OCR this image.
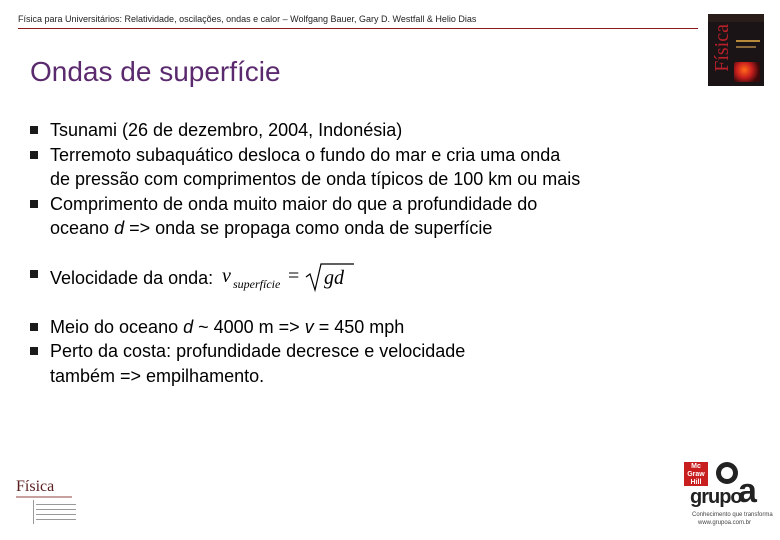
Física para Universitários: Relatividade, oscilações, ondas e calor – Wolfgang Bauer, Gary D. Westfall & Helio Dias
Física
Ondas de superfície
Tsunami (26 de dezembro, 2004, Indonésia)
Terremoto subaquático desloca o fundo do mar e cria uma onda
de pressão com comprimentos de onda típicos de 100 km ou mais
Comprimento de onda muito maior do que a profundidade do
oceano d => onda se propaga como onda de superfície
Velocidade da onda: v superfície = gd
Meio do oceano d ~ 4000 m => v = 450 mph
Perto da costa: profundidade decresce e velocidade
também => empilhamento.
Física
Mc Graw Hill
grupo
a
Conhecimento que transforma
www.grupoa.com.br
